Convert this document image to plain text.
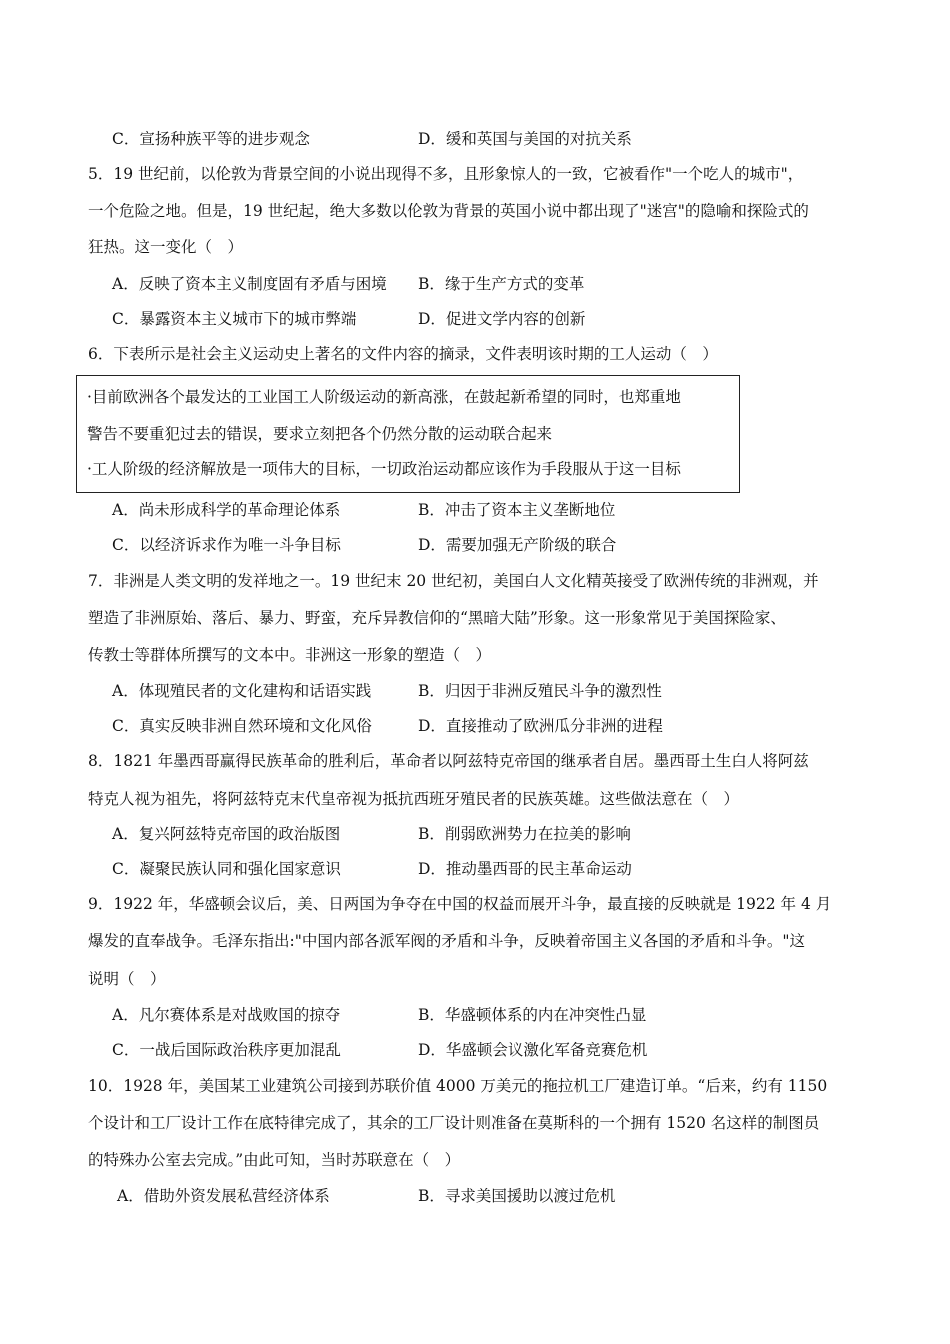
C．宣扬种族平等的进步观念	D．缓和英国与美国的对抗关系
5．19 世纪前，以伦敦为背景空间的小说出现得不多，且形象惊人的一致，它被看作"一个吃人的城市"，
一个危险之地。但是，19 世纪起，绝大多数以伦敦为背景的英国小说中都出现了"迷宫"的隐喻和探险式的
狂热。这一变化（　）
A．反映了资本主义制度固有矛盾与困境 B．缘于生产方式的变革
C．暴露资本主义城市下的城市弊端	D．促进文学内容的创新
6．下表所示是社会主义运动史上著名的文件内容的摘录，文件表明该时期的工人运动（　）
·目前欧洲各个最发达的工业国工人阶级运动的新高涨，在鼓起新希望的同时，也郑重地
警告不要重犯过去的错误，要求立刻把各个仍然分散的运动联合起来
·工人阶级的经济解放是一项伟大的目标，一切政治运动都应该作为手段服从于这一目标
A．尚未形成科学的革命理论体系	B．冲击了资本主义垄断地位
C．以经济诉求作为唯一斗争目标	D．需要加强无产阶级的联合
7．非洲是人类文明的发祥地之一。19 世纪末 20 世纪初，美国白人文化精英接受了欧洲传统的非洲观，并
塑造了非洲原始、落后、暴力、野蛮，充斥异教信仰的“黑暗大陆”形象。这一形象常见于美国探险家、
传教士等群体所撰写的文本中。非洲这一形象的塑造（　）
A．体现殖民者的文化建构和话语实践	B．归因于非洲反殖民斗争的激烈性
C．真实反映非洲自然环境和文化风俗	D．直接推动了欧洲瓜分非洲的进程
8．1821 年墨西哥赢得民族革命的胜利后，革命者以阿兹特克帝国的继承者自居。墨西哥土生白人将阿兹
特克人视为祖先，将阿兹特克末代皇帝视为抵抗西班牙殖民者的民族英雄。这些做法意在（　）
A．复兴阿兹特克帝国的政治版图	B．削弱欧洲势力在拉美的影响
C．凝聚民族认同和强化国家意识	D．推动墨西哥的民主革命运动
9．1922 年，华盛顿会议后，美、日两国为争夺在中国的权益而展开斗争，最直接的反映就是 1922 年 4 月
爆发的直奉战争。毛泽东指出:"中国内部各派军阀的矛盾和斗争，反映着帝国主义各国的矛盾和斗争。"这
说明（　）
A．凡尔赛体系是对战败国的掠夺	B．华盛顿体系的内在冲突性凸显
C．一战后国际政治秩序更加混乱	D．华盛顿会议激化军备竞赛危机
10．1928 年，美国某工业建筑公司接到苏联价值 4000 万美元的拖拉机工厂建造订单。“后来，约有 1150
个设计和工厂设计工作在底特律完成了，其余的工厂设计则准备在莫斯科的一个拥有 1520 名这样的制图员
的特殊办公室去完成。”由此可知，当时苏联意在（　）
A．借助外资发展私营经济体系	B．寻求美国援助以渡过危机
